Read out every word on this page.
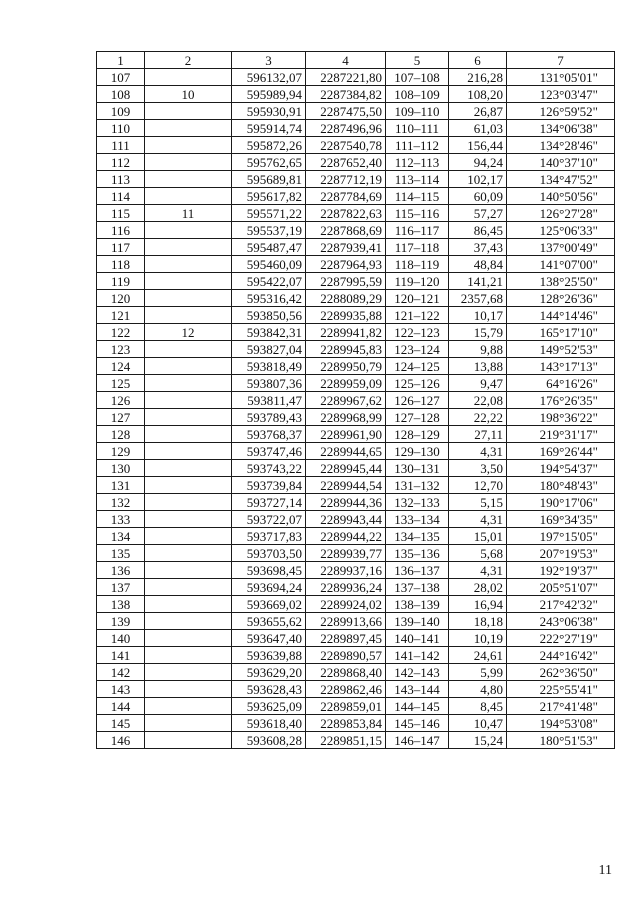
1	2	3	4	5	6	7
107		596132,07	2287221,80	107–108	216,28	131°05'01"
108	10	595989,94	2287384,82	108–109	108,20	123°03'47"
109		595930,91	2287475,50	109–110	26,87	126°59'52"
110		595914,74	2287496,96	110–111	61,03	134°06'38"
111		595872,26	2287540,78	111–112	156,44	134°28'46"
112		595762,65	2287652,40	112–113	94,24	140°37'10"
113		595689,81	2287712,19	113–114	102,17	134°47'52"
114		595617,82	2287784,69	114–115	60,09	140°50'56"
115	11	595571,22	2287822,63	115–116	57,27	126°27'28"
116		595537,19	2287868,69	116–117	86,45	125°06'33"
117		595487,47	2287939,41	117–118	37,43	137°00'49"
118		595460,09	2287964,93	118–119	48,84	141°07'00"
119		595422,07	2287995,59	119–120	141,21	138°25'50"
120		595316,42	2288089,29	120–121	2357,68	128°26'36"
121		593850,56	2289935,88	121–122	10,17	144°14'46"
122	12	593842,31	2289941,82	122–123	15,79	165°17'10"
123		593827,04	2289945,83	123–124	9,88	149°52'53"
124		593818,49	2289950,79	124–125	13,88	143°17'13"
125		593807,36	2289959,09	125–126	9,47	64°16'26"
126		593811,47	2289967,62	126–127	22,08	176°26'35"
127		593789,43	2289968,99	127–128	22,22	198°36'22"
128		593768,37	2289961,90	128–129	27,11	219°31'17"
129		593747,46	2289944,65	129–130	4,31	169°26'44"
130		593743,22	2289945,44	130–131	3,50	194°54'37"
131		593739,84	2289944,54	131–132	12,70	180°48'43"
132		593727,14	2289944,36	132–133	5,15	190°17'06"
133		593722,07	2289943,44	133–134	4,31	169°34'35"
134		593717,83	2289944,22	134–135	15,01	197°15'05"
135		593703,50	2289939,77	135–136	5,68	207°19'53"
136		593698,45	2289937,16	136–137	4,31	192°19'37"
137		593694,24	2289936,24	137–138	28,02	205°51'07"
138		593669,02	2289924,02	138–139	16,94	217°42'32"
139		593655,62	2289913,66	139–140	18,18	243°06'38"
140		593647,40	2289897,45	140–141	10,19	222°27'19"
141		593639,88	2289890,57	141–142	24,61	244°16'42"
142		593629,20	2289868,40	142–143	5,99	262°36'50"
143		593628,43	2289862,46	143–144	4,80	225°55'41"
144		593625,09	2289859,01	144–145	8,45	217°41'48"
145		593618,40	2289853,84	145–146	10,47	194°53'08"
146		593608,28	2289851,15	146–147	15,24	180°51'53"
11
